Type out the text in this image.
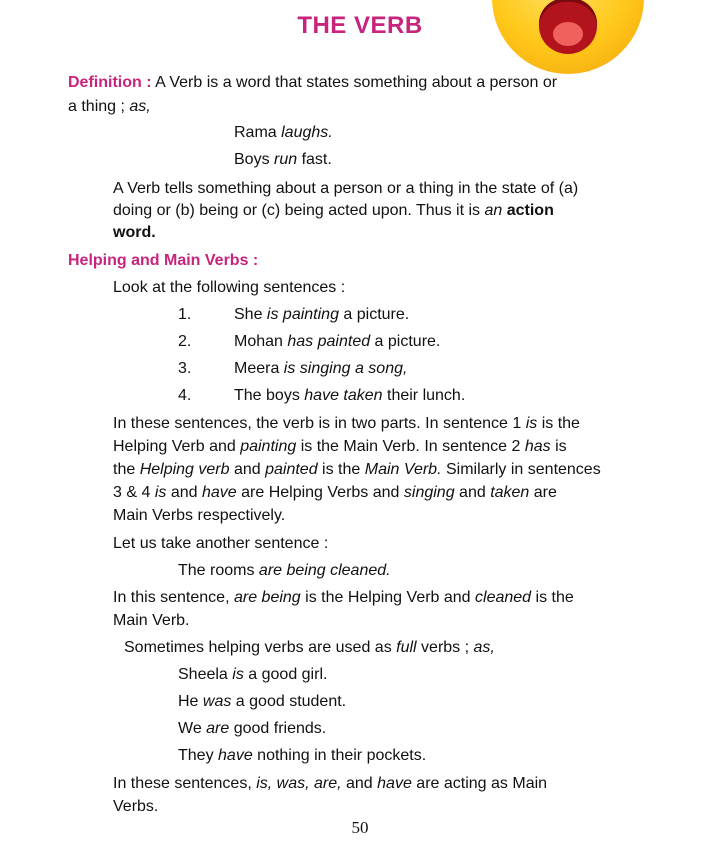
THE VERB
Definition : A Verb is a word that states something about a person or
a thing ; as,
Rama laughs.
Boys run fast.
A Verb tells something about a person or a thing in the state of (a)
doing or (b) being or (c) being acted upon. Thus it is an action
word.
Helping and Main Verbs :
Look at the following sentences :
1.	She is painting a picture.
2.	Mohan has painted a picture.
3.	Meera is singing a song,
4.	The boys have taken their lunch.
In these sentences, the verb is in two parts. In sentence 1 is is the
Helping Verb and painting is the Main Verb. In sentence 2 has is
the Helping verb and painted is the Main Verb. Similarly in sentences
3 & 4 is and have are Helping Verbs and singing and taken are
Main Verbs respectively.
Let us take another sentence :
The rooms are being cleaned.
In this sentence, are being is the Helping Verb and cleaned is the
Main Verb.
Sometimes helping verbs are used as full verbs ; as,
Sheela is a good girl.
He was a good student.
We are good friends.
They have nothing in their pockets.
In these sentences, is, was, are, and have are acting as Main
Verbs.
50
